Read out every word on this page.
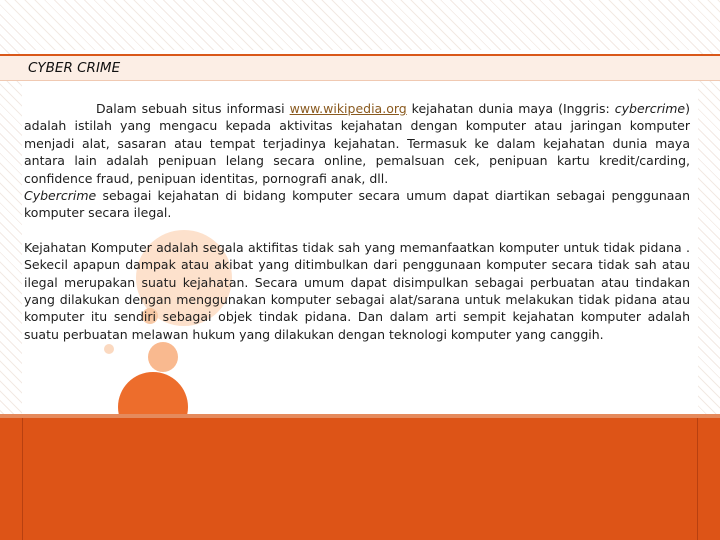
CYBER CRIME

Dalam sebuah situs informasi www.wikipedia.org kejahatan dunia maya (Inggris: cybercrime) adalah istilah yang mengacu kepada aktivitas kejahatan dengan komputer atau jaringan komputer menjadi alat, sasaran atau tempat terjadinya kejahatan. Termasuk ke dalam kejahatan dunia maya antara lain adalah penipuan lelang secara online, pemalsuan cek, penipuan kartu kredit/carding, confidence fraud, penipuan identitas, pornografi anak, dll.

Cybercrime sebagai kejahatan di bidang komputer secara umum dapat diartikan sebagai penggunaan komputer secara ilegal.

Kejahatan Komputer adalah segala aktifitas tidak sah yang memanfaatkan komputer untuk tidak pidana . Sekecil apapun dampak atau akibat yang ditimbulkan dari penggunaan komputer secara tidak sah atau ilegal merupakan suatu kejahatan. Secara umum dapat disimpulkan sebagai perbuatan atau tindakan yang dilakukan dengan menggunakan komputer sebagai alat/sarana untuk melakukan tidak pidana atau komputer itu sendiri sebagai objek tindak pidana. Dan dalam arti sempit kejahatan komputer adalah suatu perbuatan melawan hukum yang dilakukan dengan teknologi komputer yang canggih.
